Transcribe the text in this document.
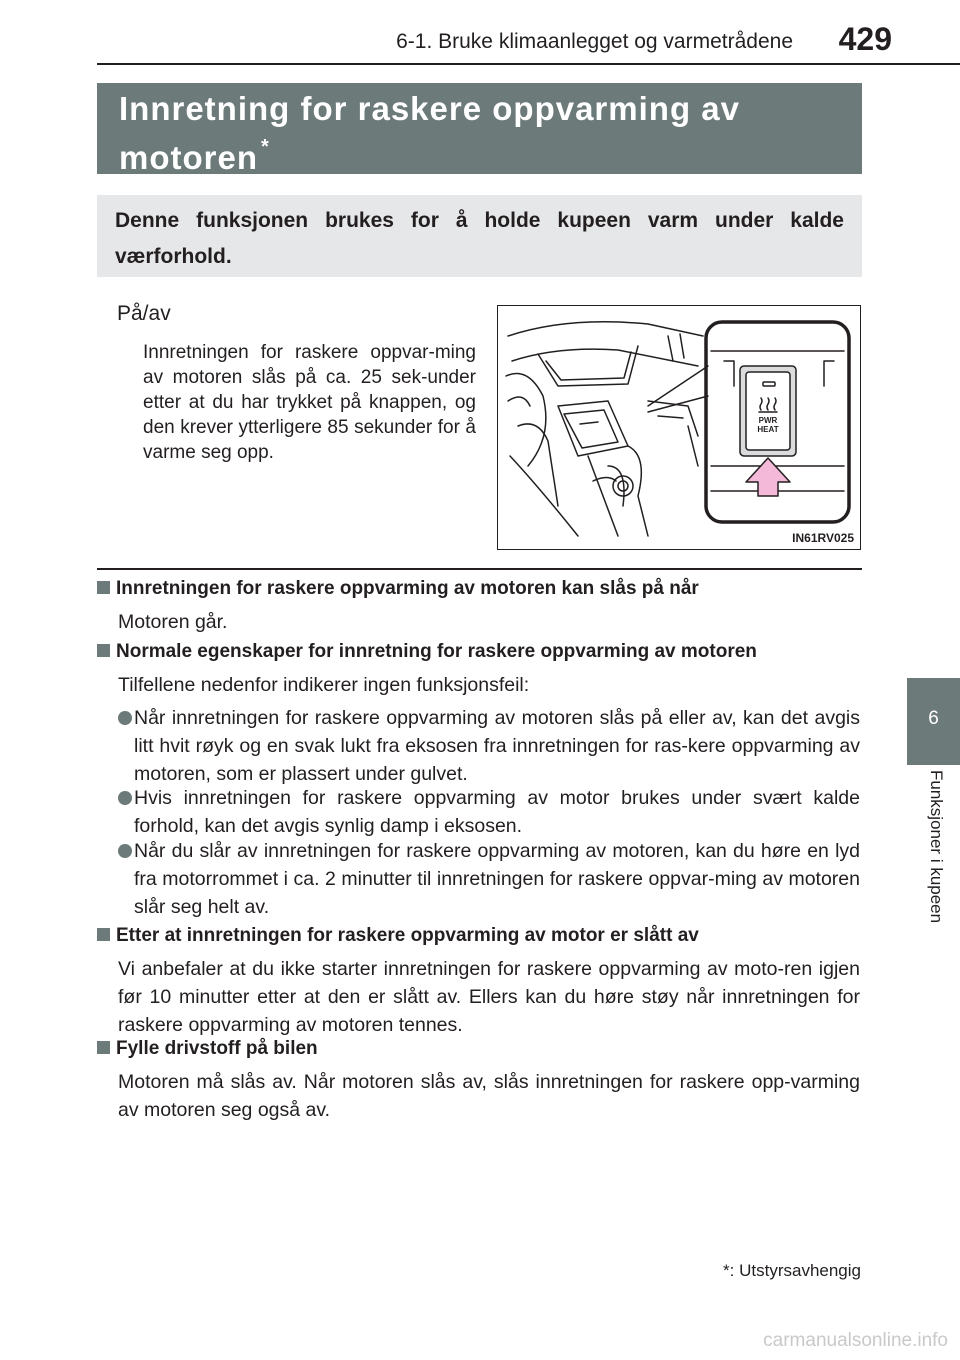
6-1. Bruke klimaanlegget og varmetrådene 429
6
Funksjoner i kupeen
Innretning for raskere oppvarming av
motoren *
Denne funksjonen brukes for å holde kupeen varm under kalde værforhold.
På/av
Innretningen for raskere oppvar-ming av motoren slås på ca. 25 sek-under etter at du har trykket på knappen, og den krever ytterligere 85 sekunder for å varme seg opp.
PWR
HEAT
IN61RV025
Innretningen for raskere oppvarming av motoren kan slås på når
Motoren går.
Normale egenskaper for innretning for raskere oppvarming av motoren
Tilfellene nedenfor indikerer ingen funksjonsfeil:
Når innretningen for raskere oppvarming av motoren slås på eller av, kan det avgis litt hvit røyk og en svak lukt fra eksosen fra innretningen for ras-kere oppvarming av motoren, som er plassert under gulvet.
Hvis innretningen for raskere oppvarming av motor brukes under svært kalde forhold, kan det avgis synlig damp i eksosen.
Når du slår av innretningen for raskere oppvarming av motoren, kan du høre en lyd fra motorrommet i ca. 2 minutter til innretningen for raskere oppvar-ming av motoren slår seg helt av.
Etter at innretningen for raskere oppvarming av motor er slått av
Vi anbefaler at du ikke starter innretningen for raskere oppvarming av moto-ren igjen før 10 minutter etter at den er slått av. Ellers kan du høre støy når innretningen for raskere oppvarming av motoren tennes.
Fylle drivstoff på bilen
Motoren må slås av. Når motoren slås av, slås innretningen for raskere opp-varming av motoren seg også av.
*: Utstyrsavhengig
carmanualsonline.info
